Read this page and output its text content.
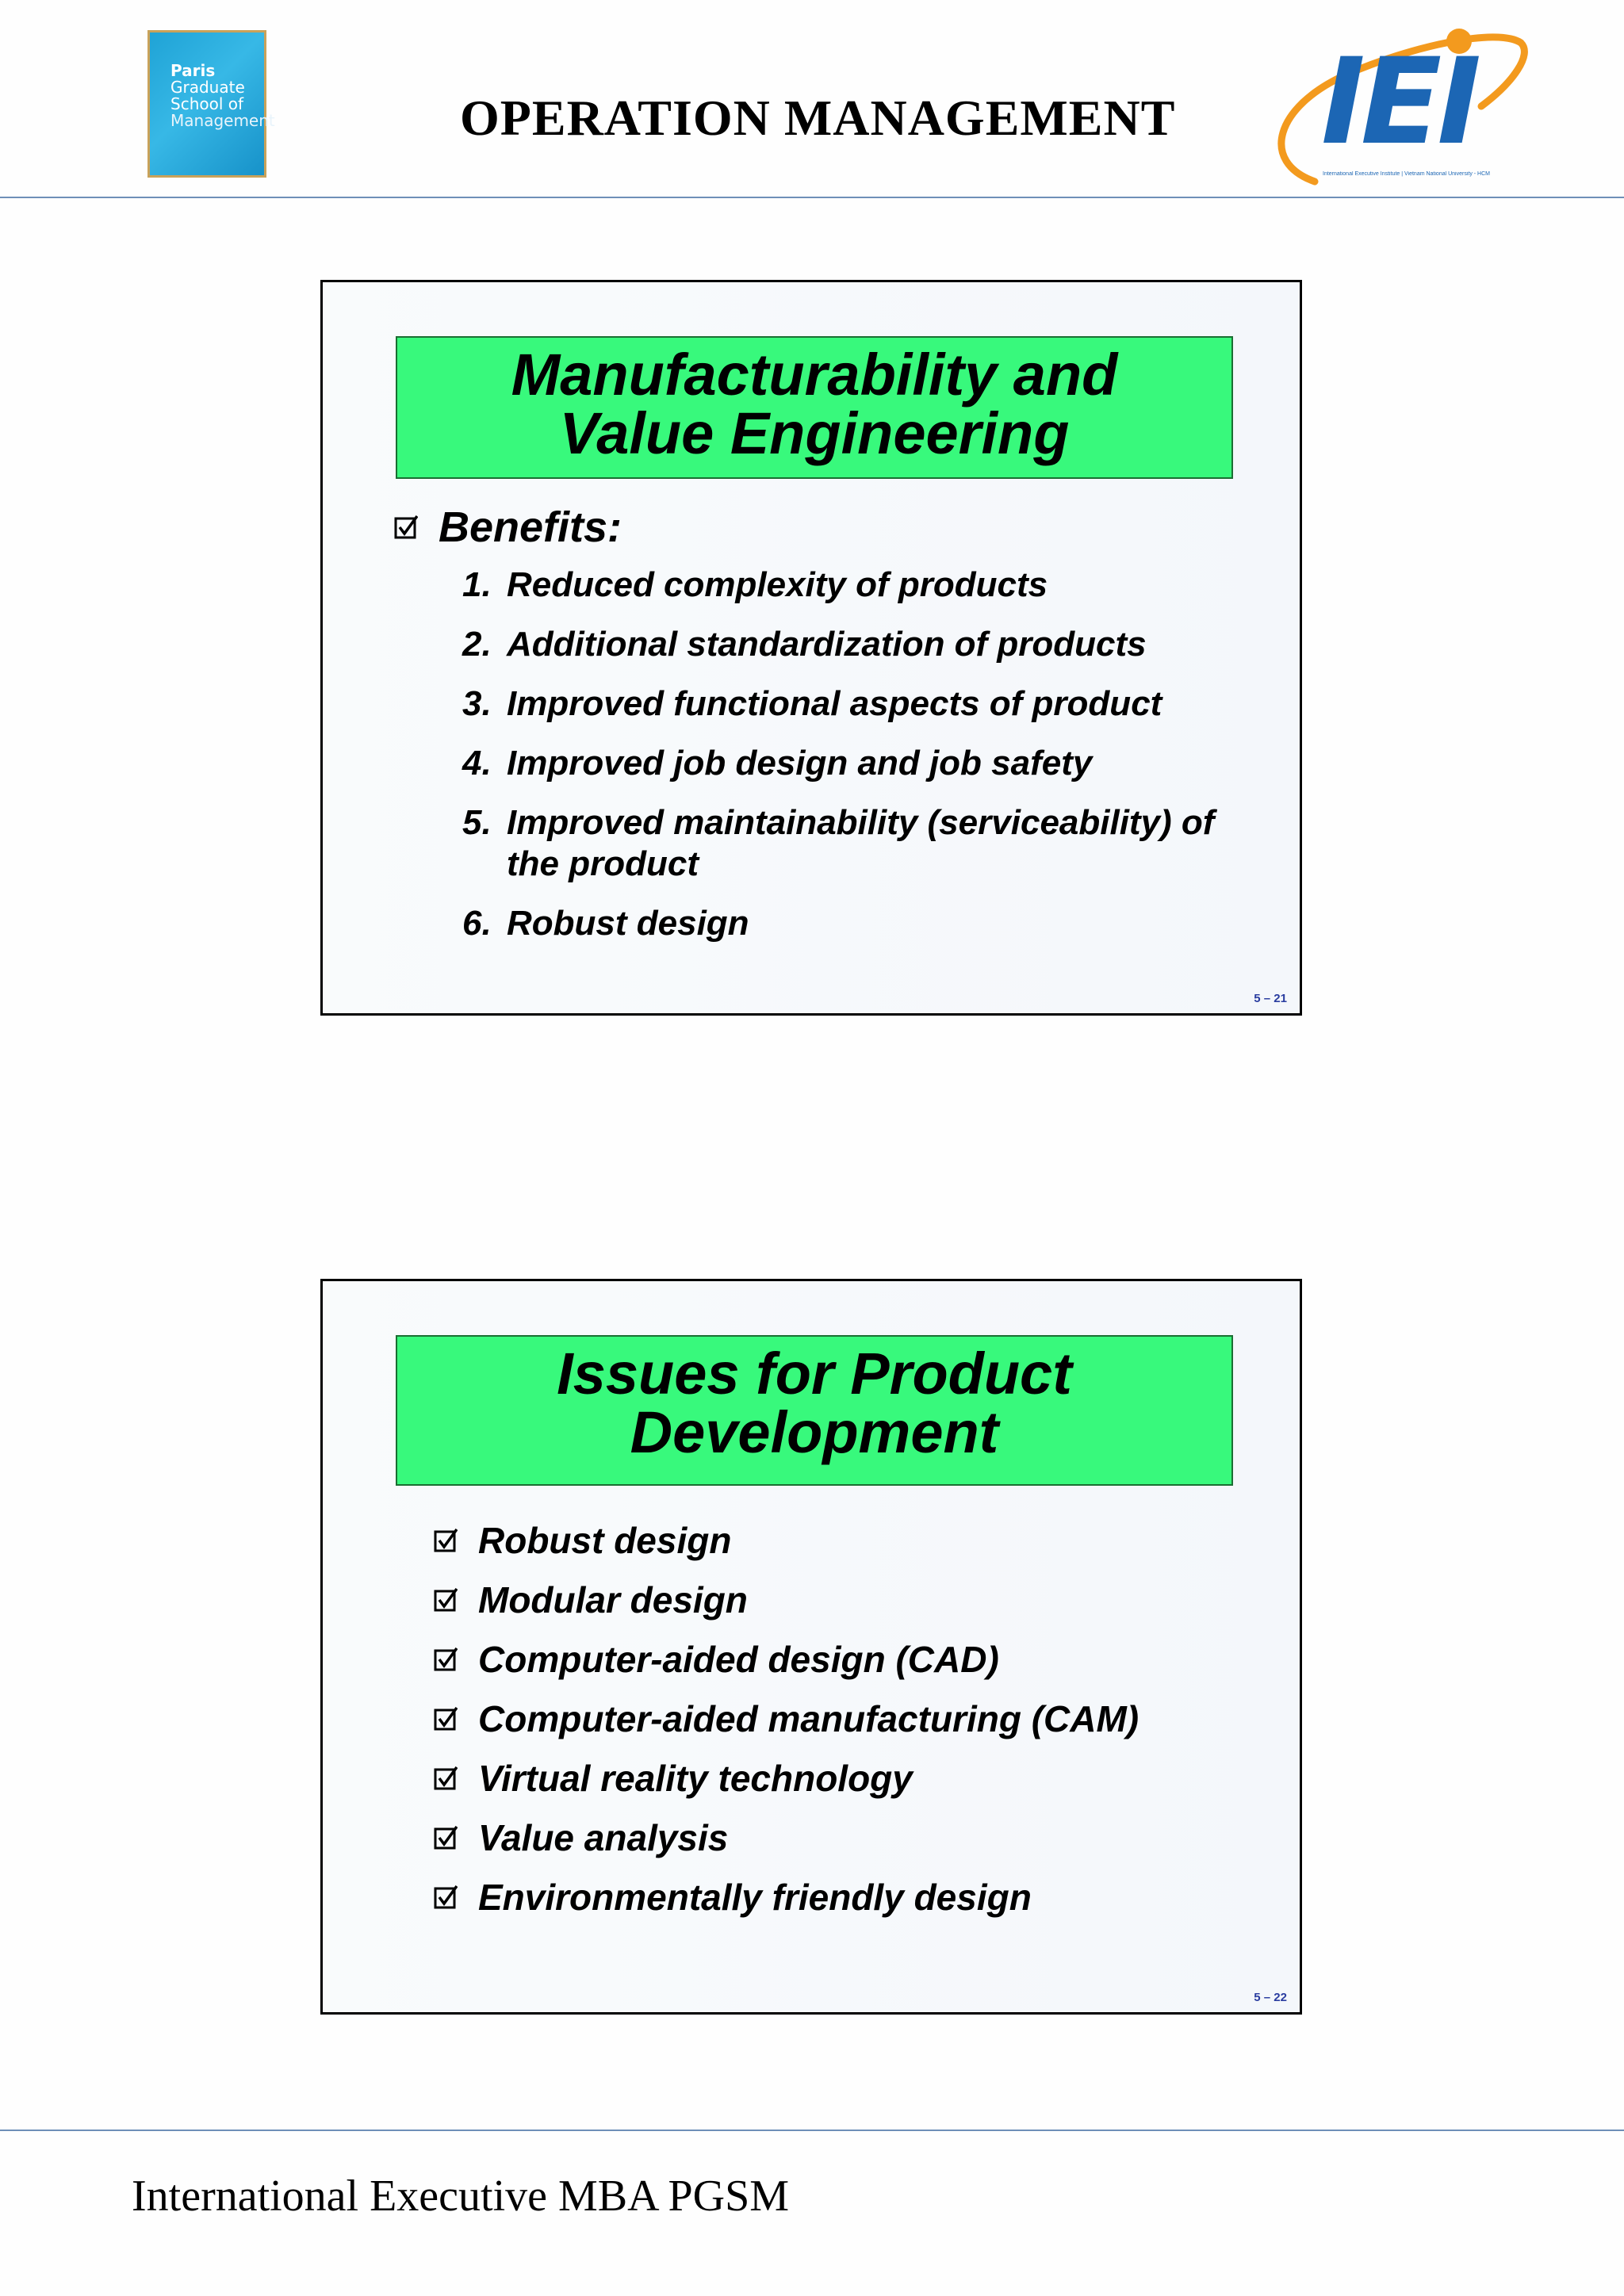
Paris
Graduate
School of
Management	OPERATION MANAGEMENT IEI
International Executive Institute | Vietnam National University - HCM
Manufacturability and
Value Engineering
Benefits:
1. Reduced complexity of products
2. Additional standardization of products
3. Improved functional aspects of product
4. Improved job design and job safety
5. Improved maintainability (serviceability) of the product
6. Robust design
5 – 21
Issues for Product
Development
Robust design
Modular design
Computer-aided design (CAD)
Computer-aided manufacturing (CAM)
Virtual reality technology
Value analysis
Environmentally friendly design
5 – 22
International Executive MBA PGSM
